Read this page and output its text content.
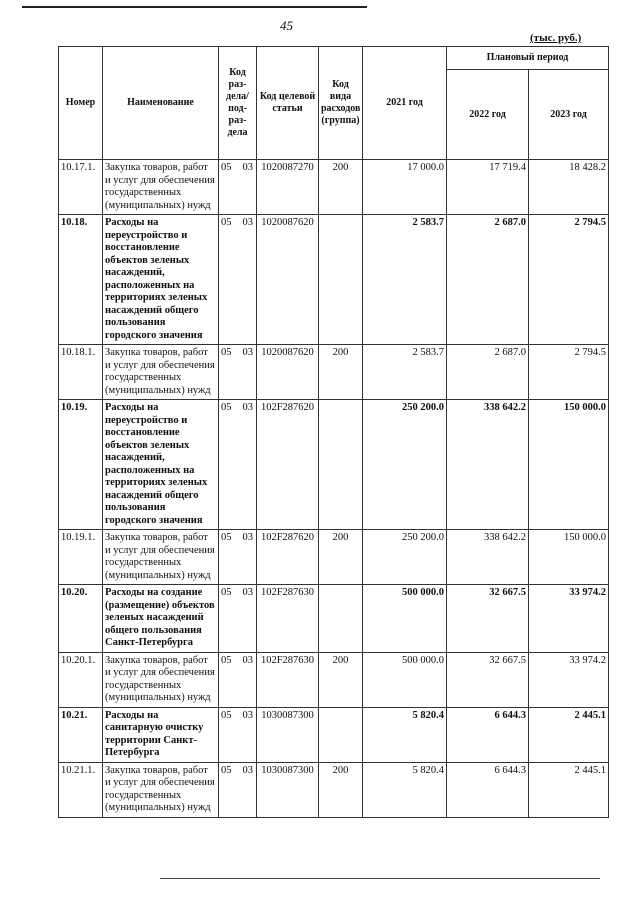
45
(тыс. руб.)
Номер	Наименование	Код раз-дела/ под-раз-дела	Код целевой статьи	Код вида расходов (группа)	2021 год	Плановый период	
						2022 год	2023 год
10.17.1.	Закупка товаров, работ и услуг для обеспечения государственных (муниципальных) нужд	05 03	1020087270	200	17 000.0	17 719.4	18 428.2
10.18.	Расходы на переустройство и восстановление объектов зеленых насаждений, расположенных на территориях зеленых насаждений общего пользования городского значения	05 03	1020087620		2 583.7	2 687.0	2 794.5
10.18.1.	Закупка товаров, работ и услуг для обеспечения государственных (муниципальных) нужд	05 03	1020087620	200	2 583.7	2 687.0	2 794.5
10.19.	Расходы на переустройство и восстановление объектов зеленых насаждений, расположенных на территориях зеленых насаждений общего пользования городского значения	05 03	102F287620		250 200.0	338 642.2	150 000.0
10.19.1.	Закупка товаров, работ и услуг для обеспечения государственных (муниципальных) нужд	05 03	102F287620	200	250 200.0	338 642.2	150 000.0
10.20.	Расходы на создание (размещение) объектов зеленых насаждений общего пользования Санкт-Петербурга	05 03	102F287630		500 000.0	32 667.5	33 974.2
10.20.1.	Закупка товаров, работ и услуг для обеспечения государственных (муниципальных) нужд	05 03	102F287630	200	500 000.0	32 667.5	33 974.2
10.21.	Расходы на санитарную очистку территории Санкт-Петербурга	05 03	1030087300		5 820.4	6 644.3	2 445.1
10.21.1.	Закупка товаров, работ и услуг для обеспечения государственных (муниципальных) нужд	05 03	1030087300	200	5 820.4	6 644.3	2 445.1
